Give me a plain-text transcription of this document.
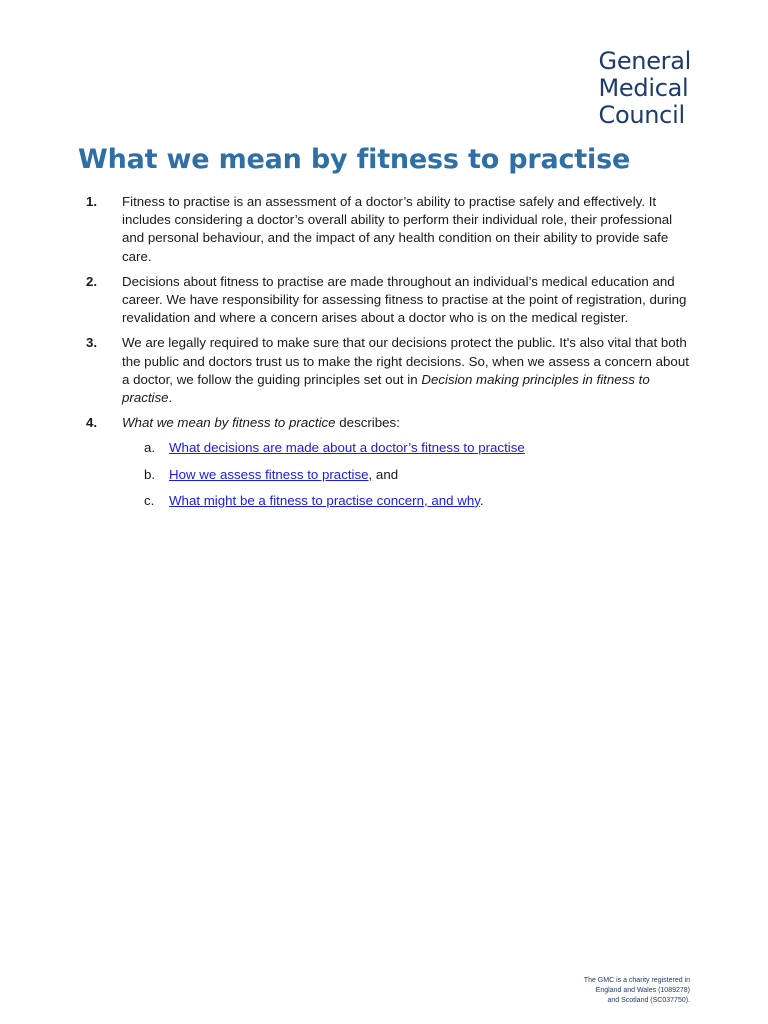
General
Medical
Council
What we mean by fitness to practise
1.	Fitness to practise is an assessment of a doctor’s ability to practise safely and effectively. It includes considering a doctor’s overall ability to perform their individual role, their professional and personal behaviour, and the impact of any health condition on their ability to provide safe care.
2.	Decisions about fitness to practise are made throughout an individual’s medical education and career. We have responsibility for assessing fitness to practise at the point of registration, during revalidation and where a concern arises about a doctor who is on the medical register.
3.	We are legally required to make sure that our decisions protect the public. It's also vital that both the public and doctors trust us to make the right decisions. So, when we assess a concern about a doctor, we follow the guiding principles set out in Decision making principles in fitness to practise.
4.	What we mean by fitness to practice describes:
a.	What decisions are made about a doctor’s fitness to practise
b.	How we assess fitness to practise, and
c.	What might be a fitness to practise concern, and why.
The GMC is a charity registered in
England and Wales (1089278)
and Scotland (SC037750).
